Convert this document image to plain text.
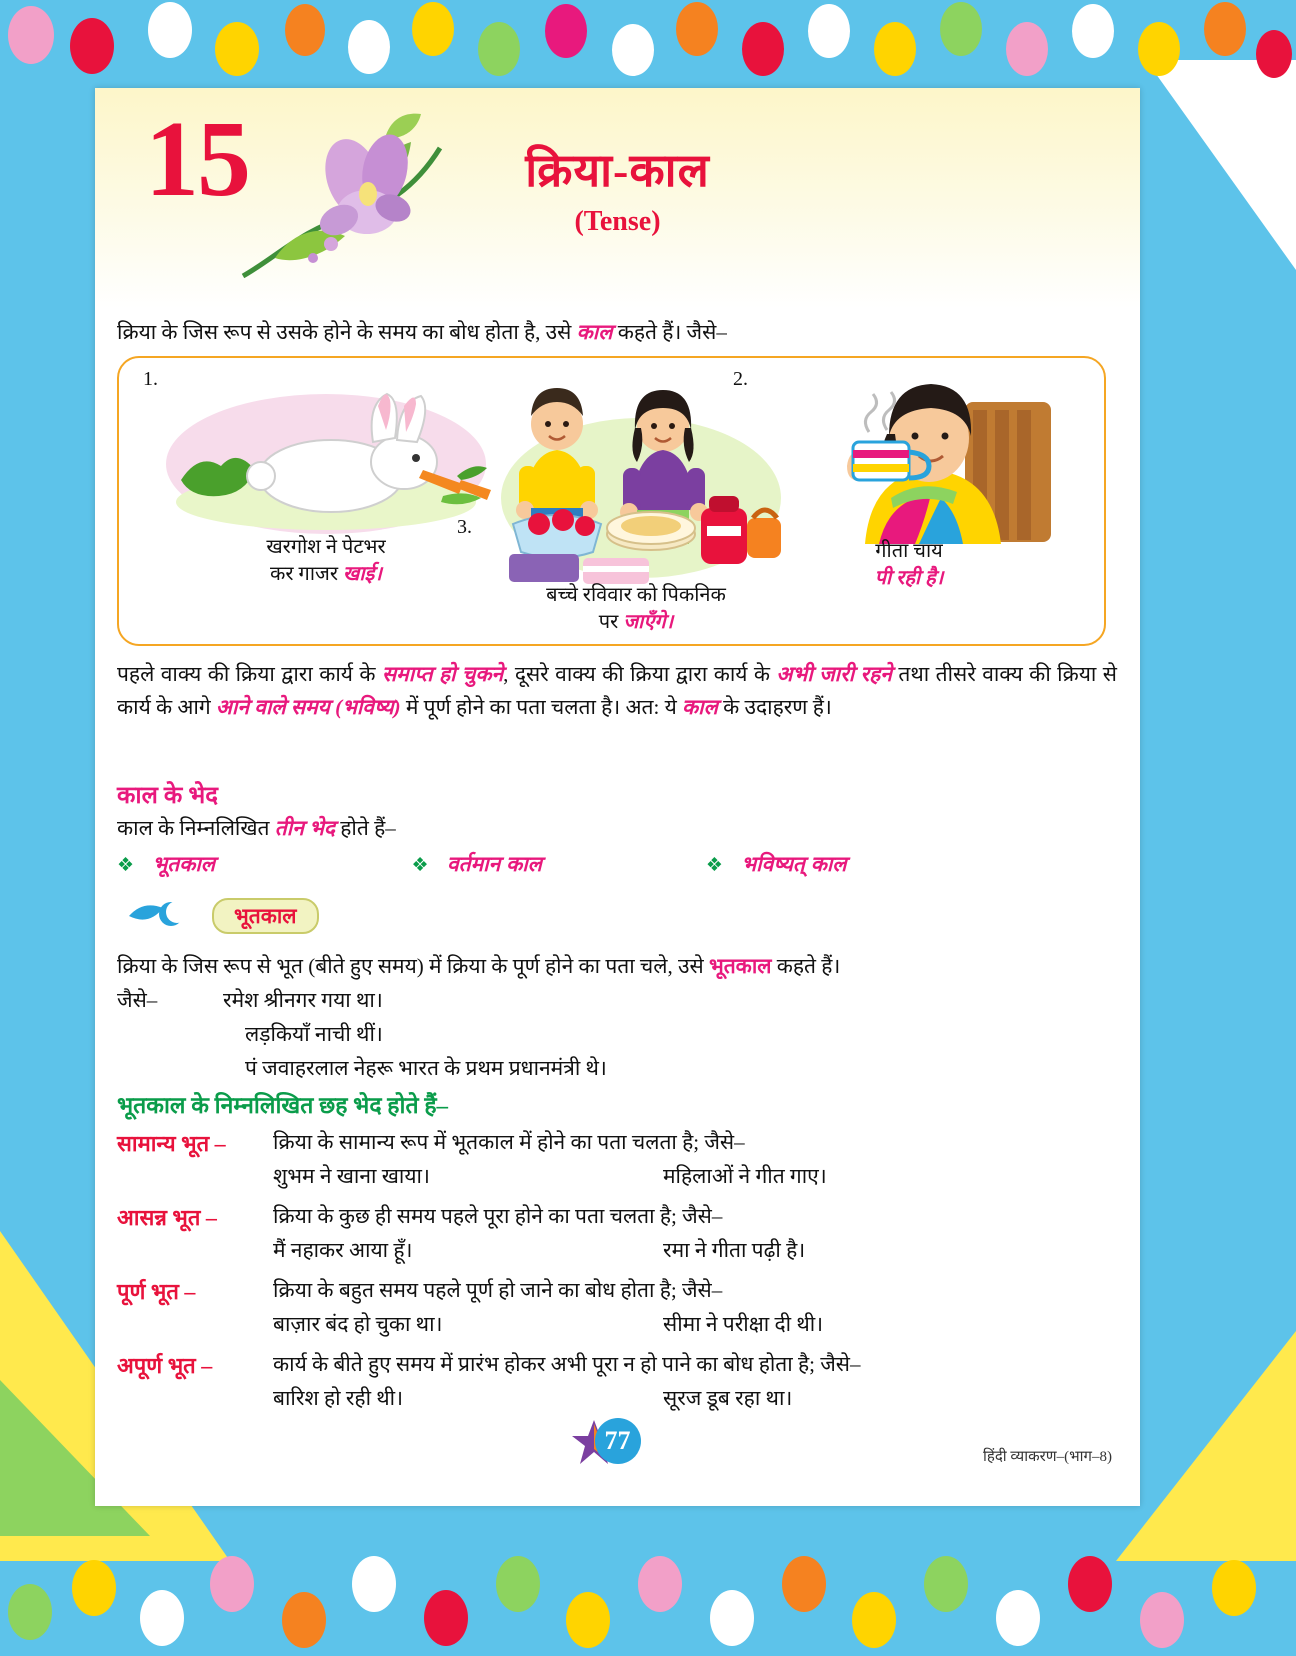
15	क्रिया-काल
(Tense)
क्रिया के जिस रूप से उसके होने के समय का बोध होता है, उसे काल कहते हैं। जैसे–
1.
खरगोश ने पेटभर
कर गाजर खाई।
2.
गीता चाय
पी रही है।
3.
बच्चे रविवार को पिकनिक
पर जाएँगे।
पहले वाक्य की क्रिया द्वारा कार्य के समाप्त हो चुकने, दूसरे वाक्य की क्रिया द्वारा कार्य के अभी जारी रहने तथा तीसरे वाक्य की क्रिया से कार्य के आगे आने वाले समय (भविष्य) में पूर्ण होने का पता चलता है। अत: ये काल के उदाहरण हैं।
काल के भेद
काल के निम्नलिखित तीन भेद होते हैं–
❖ भूतकाल	❖ वर्तमान काल	❖ भविष्यत् काल
भूतकाल
क्रिया के जिस रूप से भूत (बीते हुए समय) में क्रिया के पूर्ण होने का पता चले, उसे भूतकाल कहते हैं।
जैसे–	रमेश श्रीनगर गया था।
लड़कियाँ नाची थीं।
पं जवाहरलाल नेहरू भारत के प्रथम प्रधानमंत्री थे।
भूतकाल के निम्नलिखित छह भेद होते हैं–
सामान्य भूत – क्रिया के सामान्य रूप में भूतकाल में होने का पता चलता है; जैसे–
शुभम ने खाना खाया।	महिलाओं ने गीत गाए।
आसन्न भूत –	क्रिया के कुछ ही समय पहले पूरा होने का पता चलता है; जैसे–
मैं नहाकर आया हूँ।	रमा ने गीता पढ़ी है।
पूर्ण भूत –	क्रिया के बहुत समय पहले पूर्ण हो जाने का बोध होता है; जैसे–
बाज़ार बंद हो चुका था।	सीमा ने परीक्षा दी थी।
अपूर्ण भूत –	कार्य के बीते हुए समय में प्रारंभ होकर अभी पूरा न हो पाने का बोध होता है; जैसे–
बारिश हो रही थी।	सूरज डूब रहा था।
77
हिंदी व्याकरण–(भाग–8)
